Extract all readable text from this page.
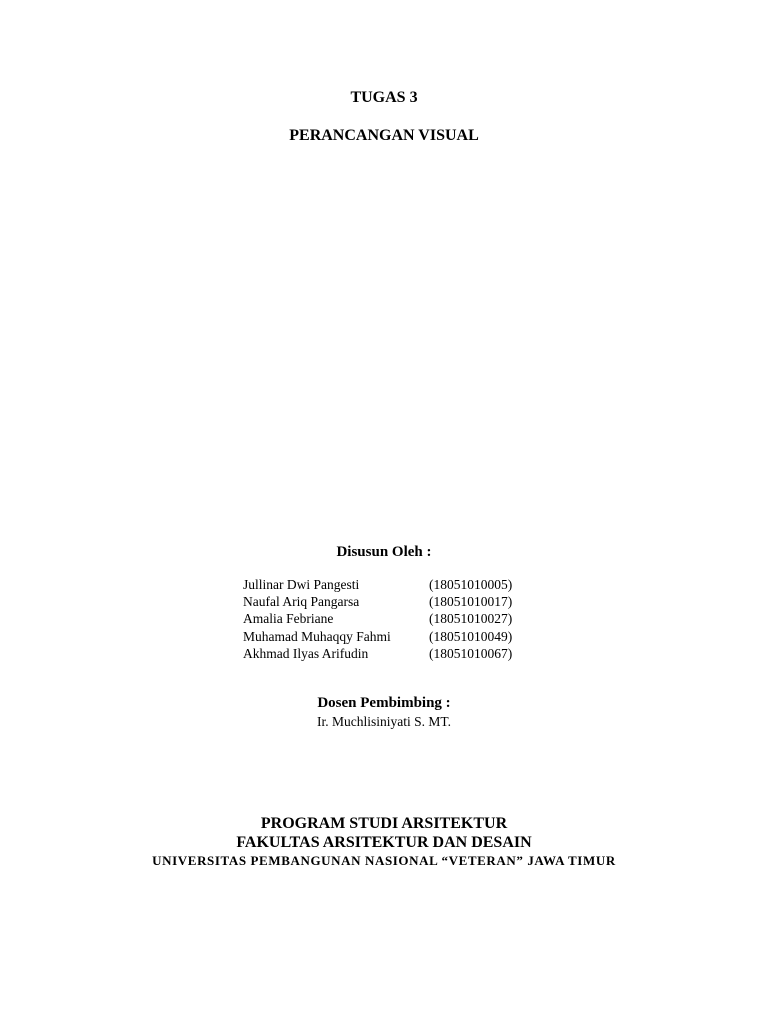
TUGAS 3

PERANCANGAN VISUAL

Disusun Oleh :

Jullinar Dwi Pangesti	(18051010005)
Naufal Ariq Pangarsa	(18051010017)
Amalia Febriane	(18051010027)
Muhamad Muhaqqy Fahmi	(18051010049)
Akhmad Ilyas Arifudin	(18051010067)

Dosen Pembimbing :

Ir. Muchlisiniyati S. MT.

PROGRAM STUDI ARSITEKTUR

FAKULTAS ARSITEKTUR DAN DESAIN

UNIVERSITAS PEMBANGUNAN NASIONAL “VETERAN” JAWA TIMUR
